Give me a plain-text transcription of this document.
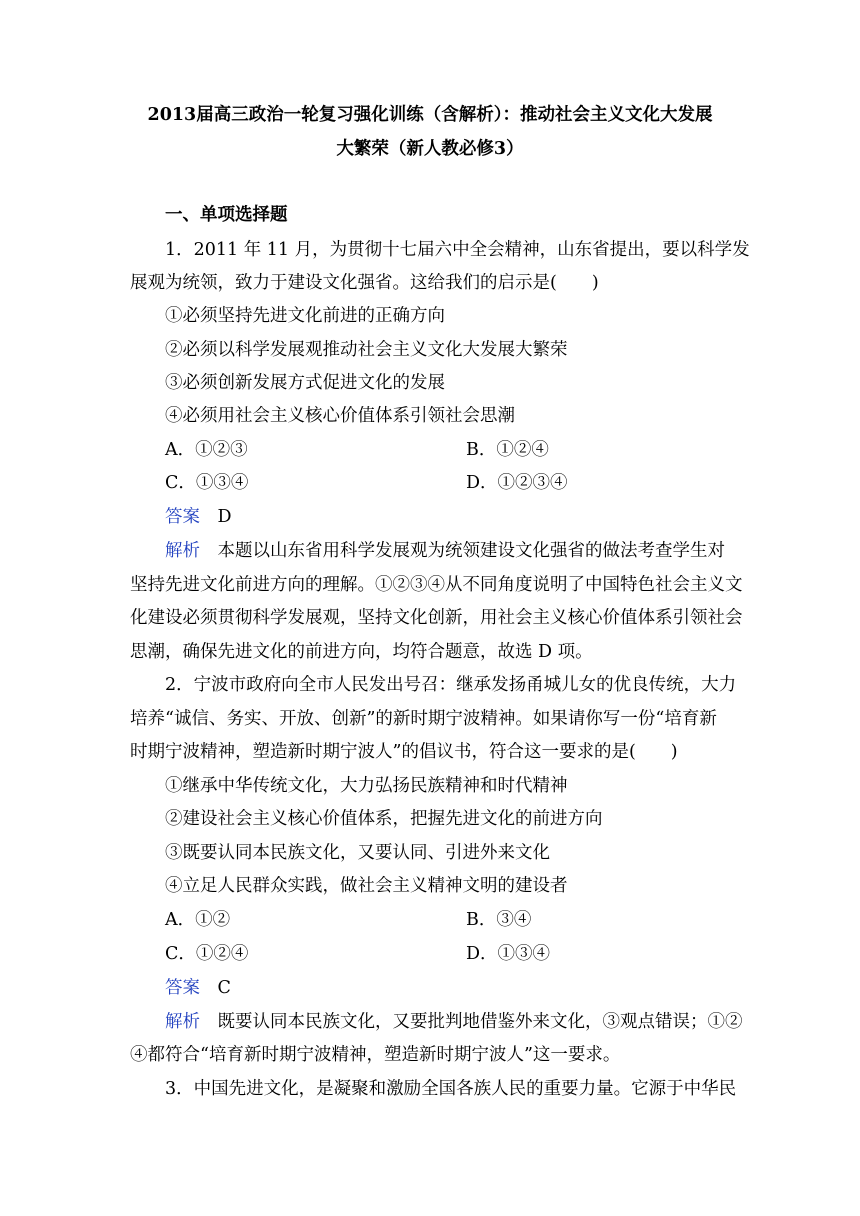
2013届高三政治一轮复习强化训练（含解析）：推动社会主义文化大发展
大繁荣（新人教必修3）
一、单项选择题
1．2011 年 11 月，为贯彻十七届六中全会精神，山东省提出，要以科学发
展观为统领，致力于建设文化强省。这给我们的启示是(　　)
①必须坚持先进文化前进的正确方向
②必须以科学发展观推动社会主义文化大发展大繁荣
③必须创新发展方式促进文化的发展
④必须用社会主义核心价值体系引领社会思潮
A．①②③	B．①②④
C．①③④	D．①②③④
答案　 D
解析　 本题以山东省用科学发展观为统领建设文化强省的做法考查学生对
坚持先进文化前进方向的理解。①②③④从不同角度说明了中国特色社会主义文
化建设必须贯彻科学发展观，坚持文化创新，用社会主义核心价值体系引领社会
思潮，确保先进文化的前进方向，均符合题意，故选 D 项。
2．宁波市政府向全市人民发出号召：继承发扬甬城儿女的优良传统，大力
培养“诚信、务实、开放、创新”的新时期宁波精神。如果请你写一份“培育新
时期宁波精神，塑造新时期宁波人”的倡议书，符合这一要求的是(　　)
①继承中华传统文化，大力弘扬民族精神和时代精神
②建设社会主义核心价值体系，把握先进文化的前进方向
③既要认同本民族文化，又要认同、引进外来文化
④立足人民群众实践，做社会主义精神文明的建设者
A．①②	B．③④
C．①②④	D．①③④
答案　 C
解析　 既要认同本民族文化，又要批判地借鉴外来文化，③观点错误；①②
④都符合“培育新时期宁波精神，塑造新时期宁波人”这一要求。
3．中国先进文化，是凝聚和激励全国各族人民的重要力量。它源于中华民
